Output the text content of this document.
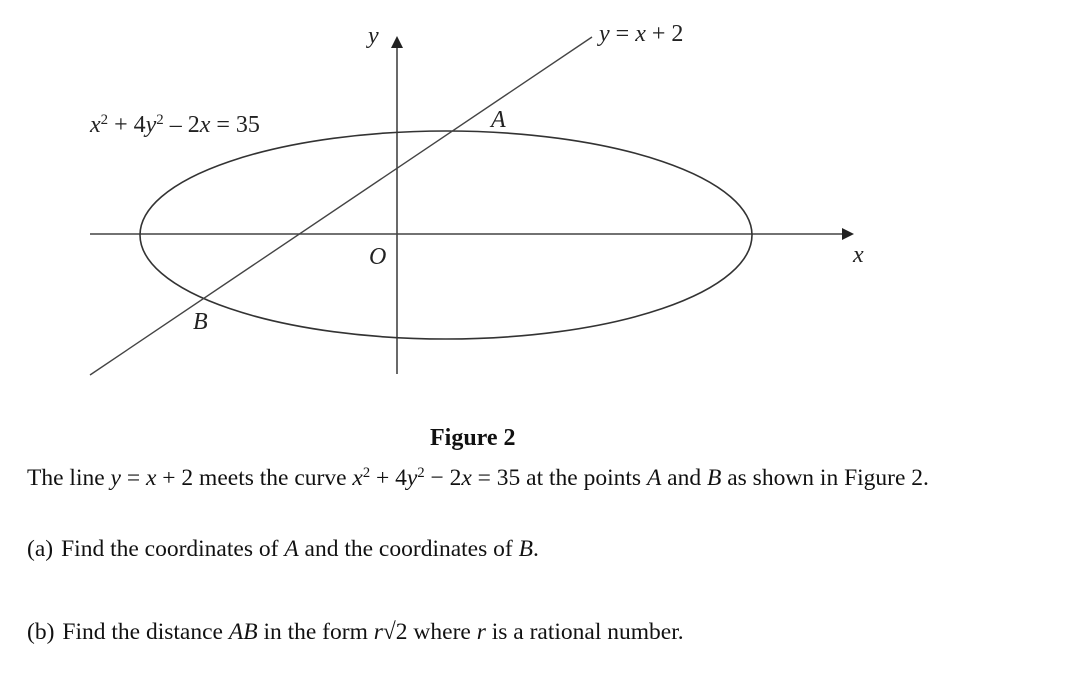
y
x
O
A
B
y = x + 2
$x^2 + 4y^2 - 2x = 35$
Figure 2
The line y = x + 2 meets the curve $x^2 + 4y^2 - 2x = 35$ at the points A and B as shown in Figure 2.
(a) Find the coordinates of A and the coordinates of B.
(b) Find the distance AB in the form r√2 where r is a rational number.
